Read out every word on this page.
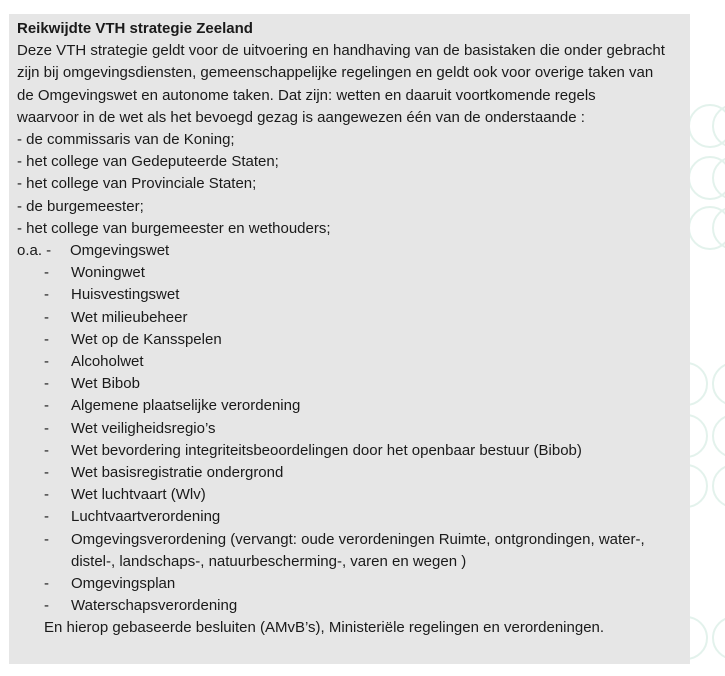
Reikwijdte VTH strategie Zeeland

Deze VTH strategie geldt voor de uitvoering en handhaving van de basistaken die onder gebracht

zijn bij omgevingsdiensten, gemeenschappelijke regelingen en geldt ook voor overige taken van

de Omgevingswet en autonome taken. Dat zijn: wetten en daaruit voortkomende regels

waarvoor in de wet als het bevoegd gezag is aangewezen één van de onderstaande :

- de commissaris van de Koning;

- het college van Gedeputeerde Staten;

- het college van Provinciale Staten;

- de burgemeester;

- het college van burgemeester en wethouders;

o.a. -	Omgevingswet
-	Woningwet
-	Huisvestingswet
-	Wet milieubeheer
-	Wet op de Kansspelen
-	Alcoholwet
-	Wet Bibob
-	Algemene plaatselijke verordening
-	Wet veiligheidsregio’s
-	Wet bevordering integriteitsbeoordelingen door het openbaar bestuur (Bibob)
-	Wet basisregistratie ondergrond
-	Wet luchtvaart (Wlv)
-	Luchtvaartverordening
-	Omgevingsverordening (vervangt: oude verordeningen Ruimte, ontgrondingen, water-, distel-, landschaps-, natuurbescherming-, varen en wegen )
-	Omgevingsplan
-	Waterschapsverordening

En hierop gebaseerde besluiten (AMvB’s), Ministeriële regelingen en verordeningen.
